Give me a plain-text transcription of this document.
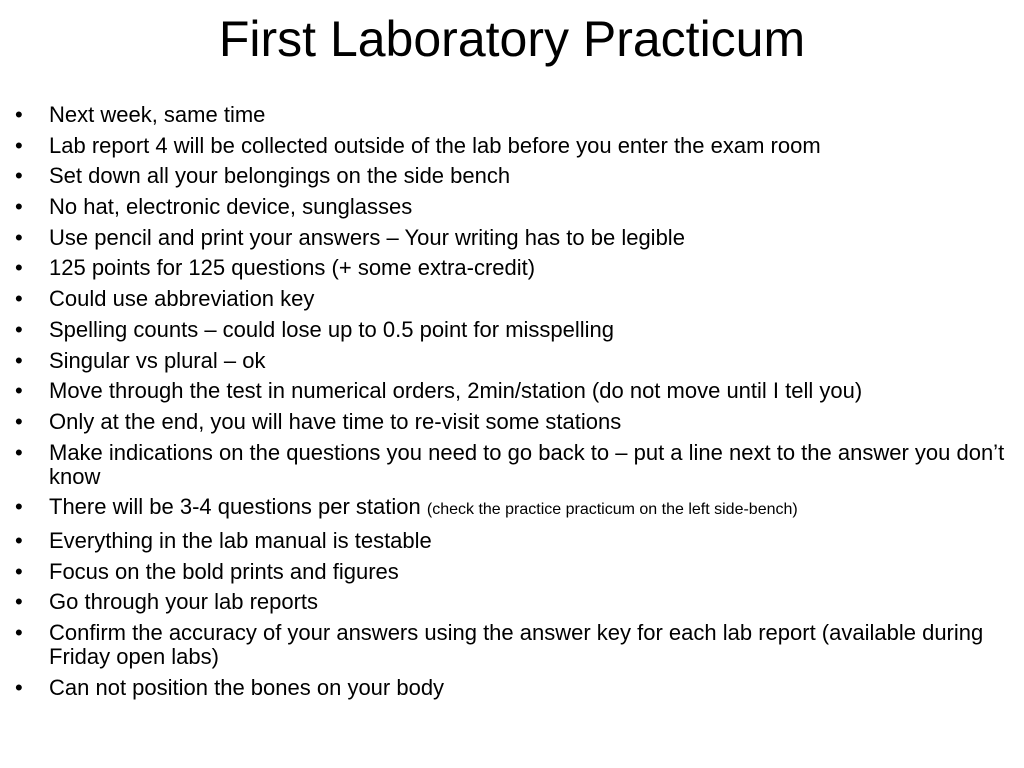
First Laboratory Practicum
•	Next week, same time
•	Lab report 4 will be collected outside of the lab before you enter the exam room
•	Set down all your belongings on the side bench
•	No hat, electronic device, sunglasses
•	Use pencil and print your answers – Your writing has to be legible
•	125 points for 125 questions (+ some extra-credit)
•	Could use abbreviation key
•	Spelling counts – could lose up to 0.5 point for misspelling
•	Singular vs plural – ok
•	Move through the test in numerical orders, 2min/station (do not move until I tell you)
•	Only at the end, you will have time to re-visit some stations
•	Make indications on the questions you need to go back to – put a line next to the answer you don’t know
•	There will be 3-4 questions per station (check the practice practicum on the left side-bench)
•	Everything in the lab manual is testable
•	Focus on the bold prints and figures
•	Go through your lab reports
•	Confirm the accuracy of your answers using the answer key for each lab report (available during Friday open labs)
•	Can not position the bones on your body
